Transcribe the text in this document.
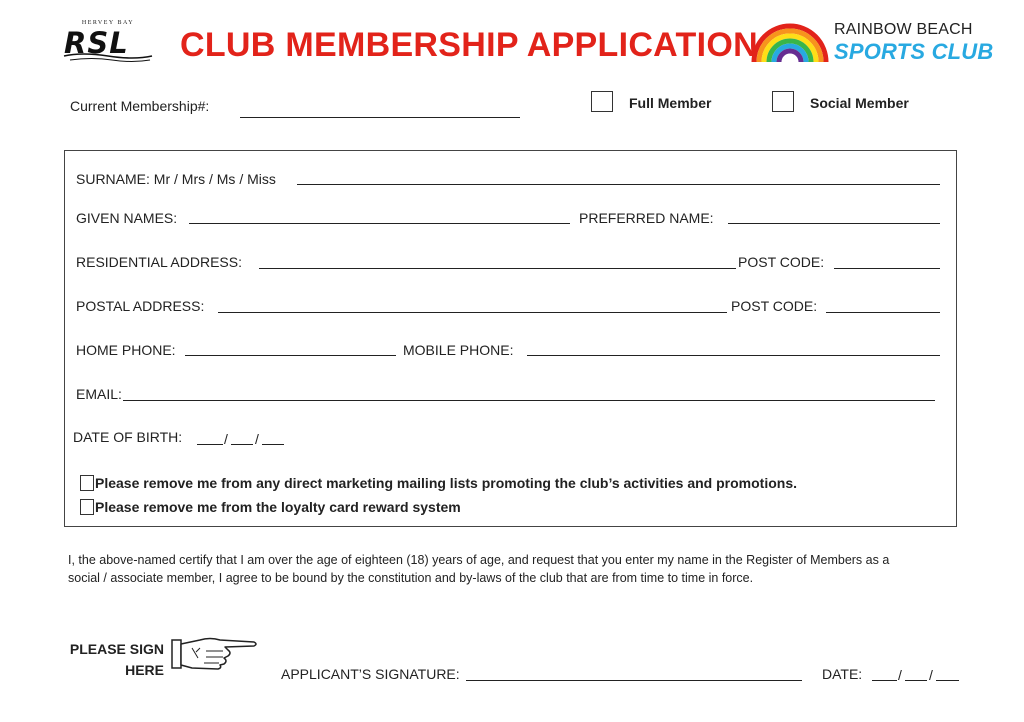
HERVEY BAY
RSL CLUB MEMBERSHIP APPLICATION	RAINBOW BEACH
SPORTS CLUB
Current Membership#:	Full Member	Social Member
SURNAME: Mr / Mrs / Ms / Miss
GIVEN NAMES:	PREFERRED NAME:
RESIDENTIAL ADDRESS:	POST CODE:
POSTAL ADDRESS:	POST CODE:
HOME PHONE:	MOBILE PHONE:
EMAIL:
DATE OF BIRTH:	/ /
Please remove me from any direct marketing mailing lists promoting the club’s activities and promotions.
Please remove me from the loyalty card reward system
I, the above-named certify that I am over the age of eighteen (18) years of age, and request that you enter my name in the Register of Members as a
social / associate member, I agree to be bound by the constitution and by-laws of the club that are from time to time in force.
PLEASE SIGN
HERE	APPLICANT’S SIGNATURE:	DATE:	/ /
